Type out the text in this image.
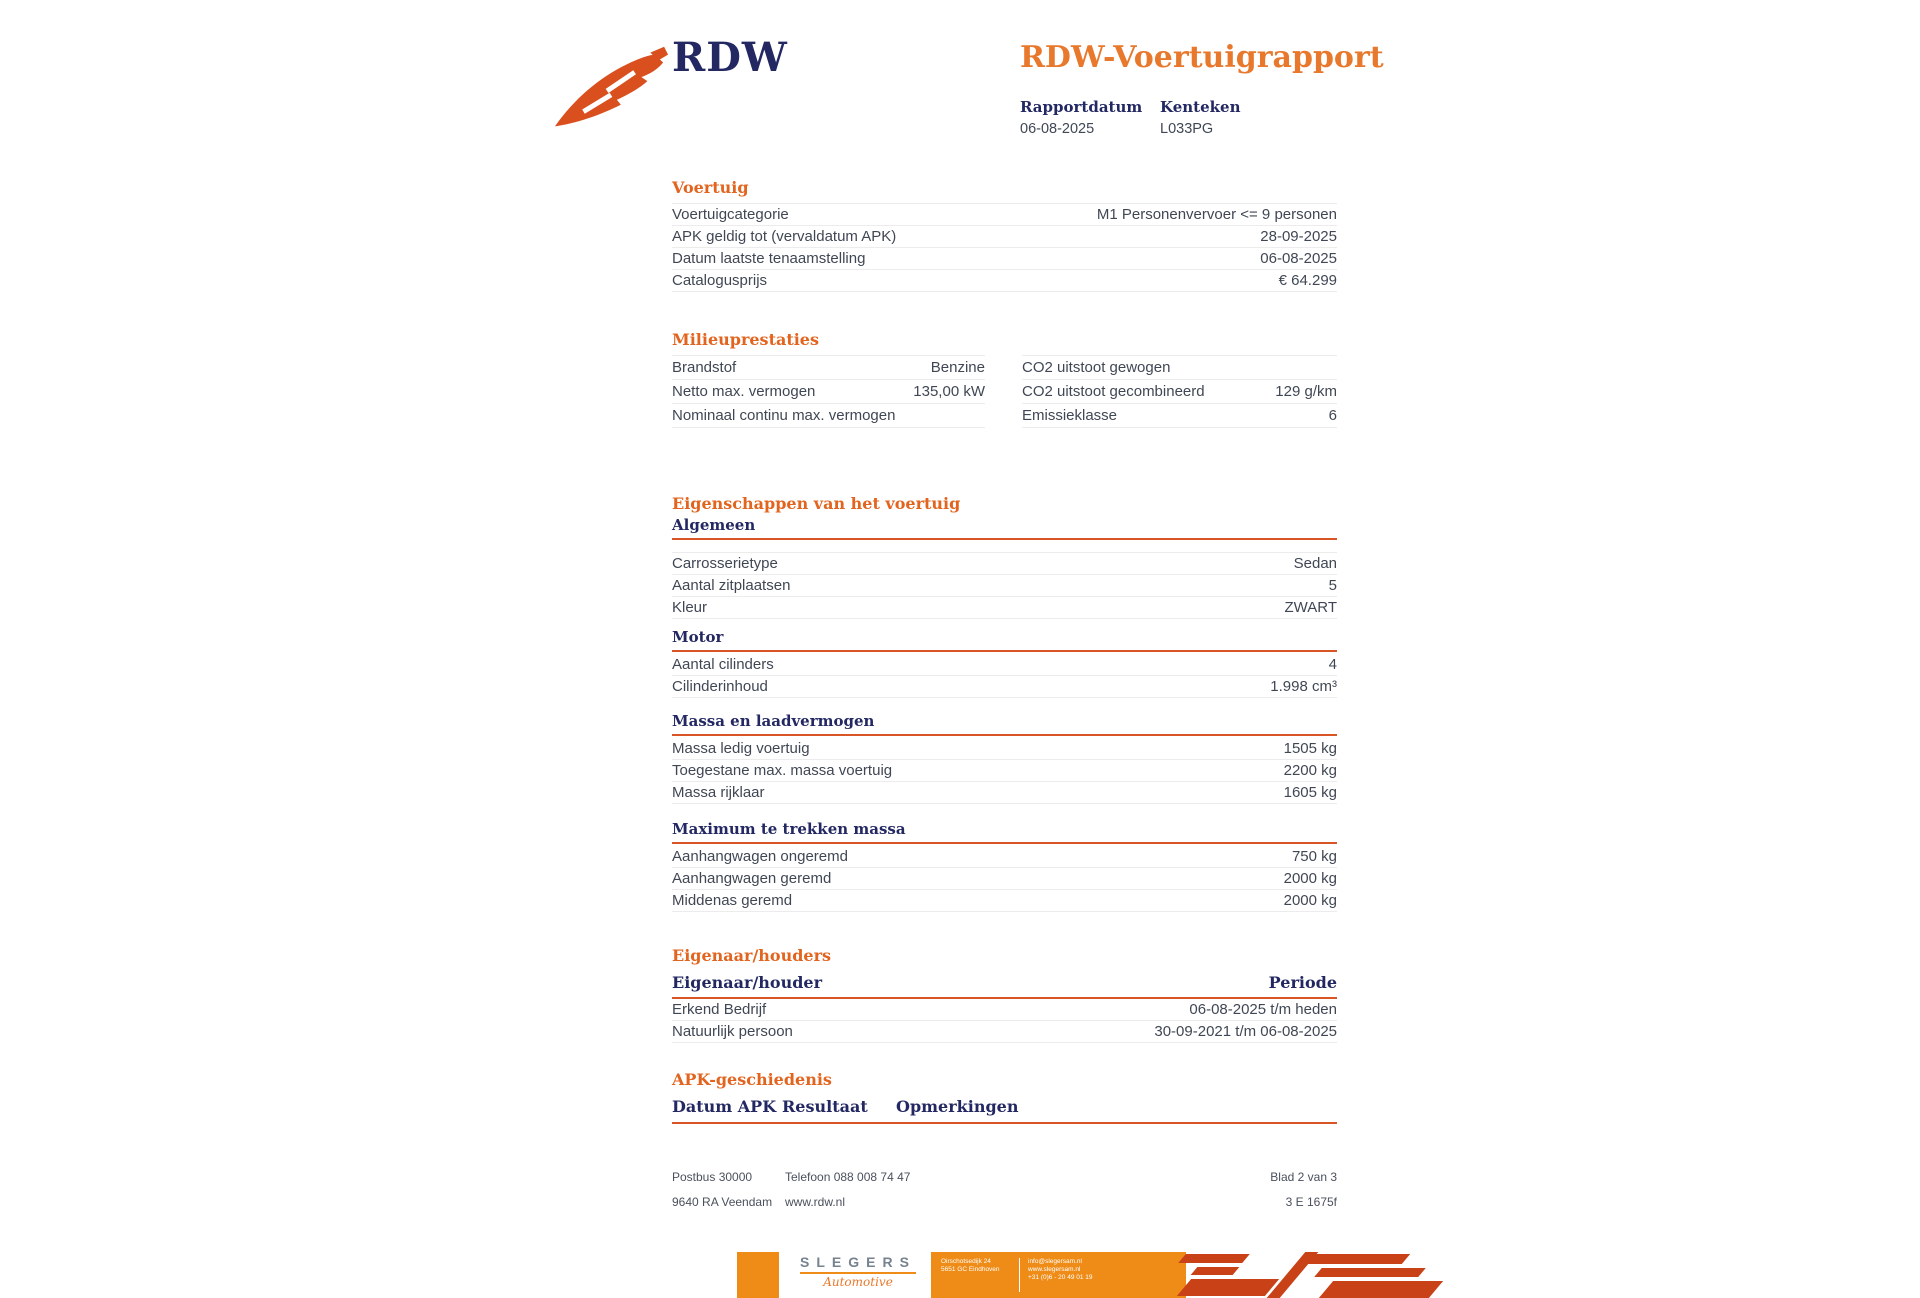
RDW	RDW-Voertuigrapport
Rapportdatum
06-08-2025
Kenteken
L033PG
Voertuig
Voertuigcategorie	M1 Personenvervoer <= 9 personen
APK geldig tot (vervaldatum APK)	28-09-2025
Datum laatste tenaamstelling	06-08-2025
Catalogusprijs	€ 64.299
Milieuprestaties
Brandstof	Benzine
Netto max. vermogen	135,00 kW
Nominaal continu max. vermogen
CO2 uitstoot gewogen
CO2 uitstoot gecombineerd	129 g/km
Emissieklasse	6
Eigenschappen van het voertuig
Algemeen
Carrosserietype	Sedan
Aantal zitplaatsen	5
Kleur	ZWART
Motor
Aantal cilinders	4
Cilinderinhoud	1.998 cm³
Massa en laadvermogen
Massa ledig voertuig	1505 kg
Toegestane max. massa voertuig	2200 kg
Massa rijklaar	1605 kg
Maximum te trekken massa
Aanhangwagen ongeremd	750 kg
Aanhangwagen geremd	2000 kg
Middenas geremd	2000 kg
Eigenaar/houders
Eigenaar/houder	Periode
Erkend Bedrijf	06-08-2025 t/m heden
Natuurlijk persoon	30-09-2021 t/m 06-08-2025
APK-geschiedenis
Datum APK Resultaat	Opmerkingen
Postbus 30000	Telefoon 088 008 74 47	Blad 2 van 3
9640 RA Veendam	www.rdw.nl	3 E 1675f
SLEGERS
Automotive
Oirschotsedijk 24
5651 GC Eindhoven
info@slegersam.nl
www.slegersam.nl
+31 (0)6 - 20 49 01 19
